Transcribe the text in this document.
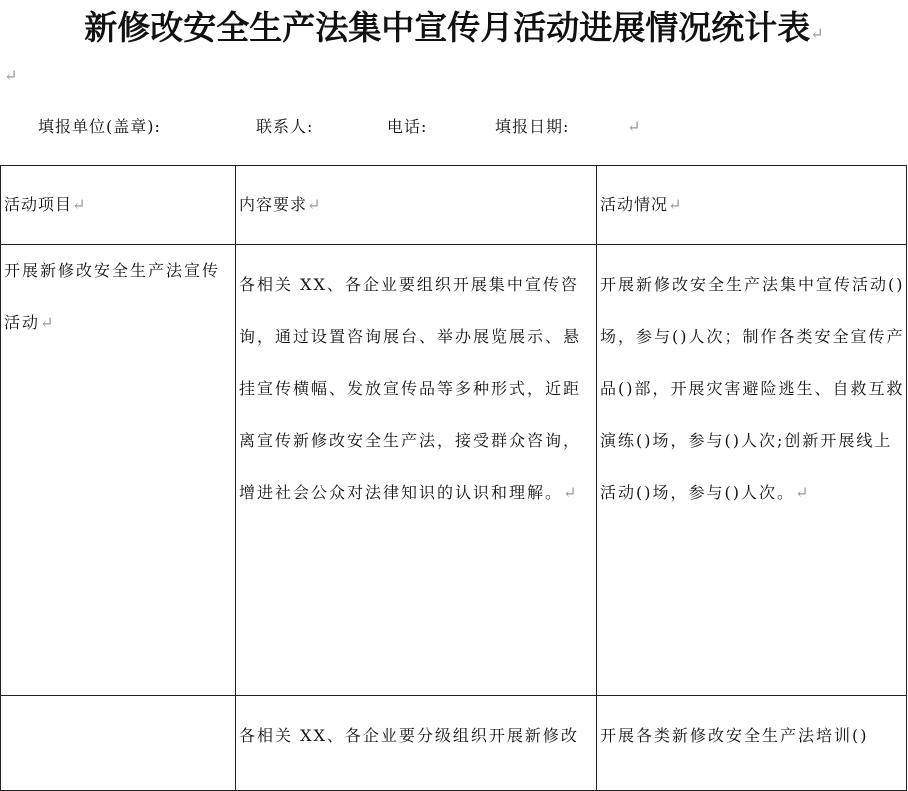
新修改安全生产法集中宣传月活动进展情况统计表↵
↵
填报单位(盖章):	联系人:	电话:	填报日期:	↵
活动项目↵	内容要求↵	活动情况↵
开展新修改安全生产法宣传活动↵	各相关 XX、各企业要组织开展集中宣传咨询，通过设置咨询展台、举办展览展示、悬挂宣传横幅、发放宣传品等多种形式，近距离宣传新修改安全生产法，接受群众咨询，增进社会公众对法律知识的认识和理解。↵	开展新修改安全生产法集中宣传活动()场，参与()人次；制作各类安全宣传产品()部，开展灾害避险逃生、自救互救演练()场，参与()人次;创新开展线上活动()场，参与()人次。↵
	各相关 XX、各企业要分级组织开展新修改	开展各类新修改安全生产法培训()
